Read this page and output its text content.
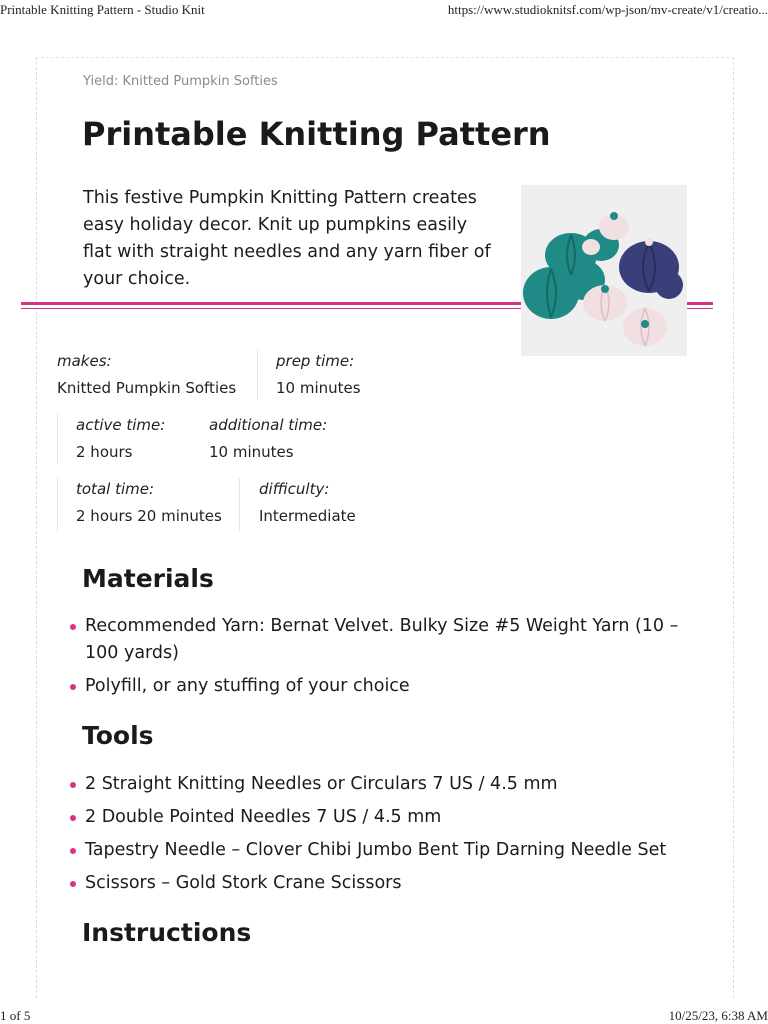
Printable Knitting Pattern - Studio Knit	https://www.studioknitsf.com/wp-json/mv-create/v1/creatio...
Yield: Knitted Pumpkin Softies
Printable Knitting Pattern

This festive Pumpkin Knitting Pattern creates easy holiday decor. Knit up pumpkins easily flat with straight needles and any yarn fiber of your choice.

makes:
Knitted Pumpkin Softies
prep time:
10 minutes
active time:
2 hours
additional time:
10 minutes
total time:
2 hours 20 minutes
difficulty:
Intermediate
Materials
Recommended Yarn: Bernat Velvet. Bulky Size #5 Weight Yarn (10 – 100 yards)
Polyfill, or any stuffing of your choice
Tools
2 Straight Knitting Needles or Circulars 7 US / 4.5 mm
2 Double Pointed Needles 7 US / 4.5 mm
Tapestry Needle – Clover Chibi Jumbo Bent Tip Darning Needle Set
Scissors – Gold Stork Crane Scissors
Instructions
1 of 5	10/25/23, 6:38 AM
